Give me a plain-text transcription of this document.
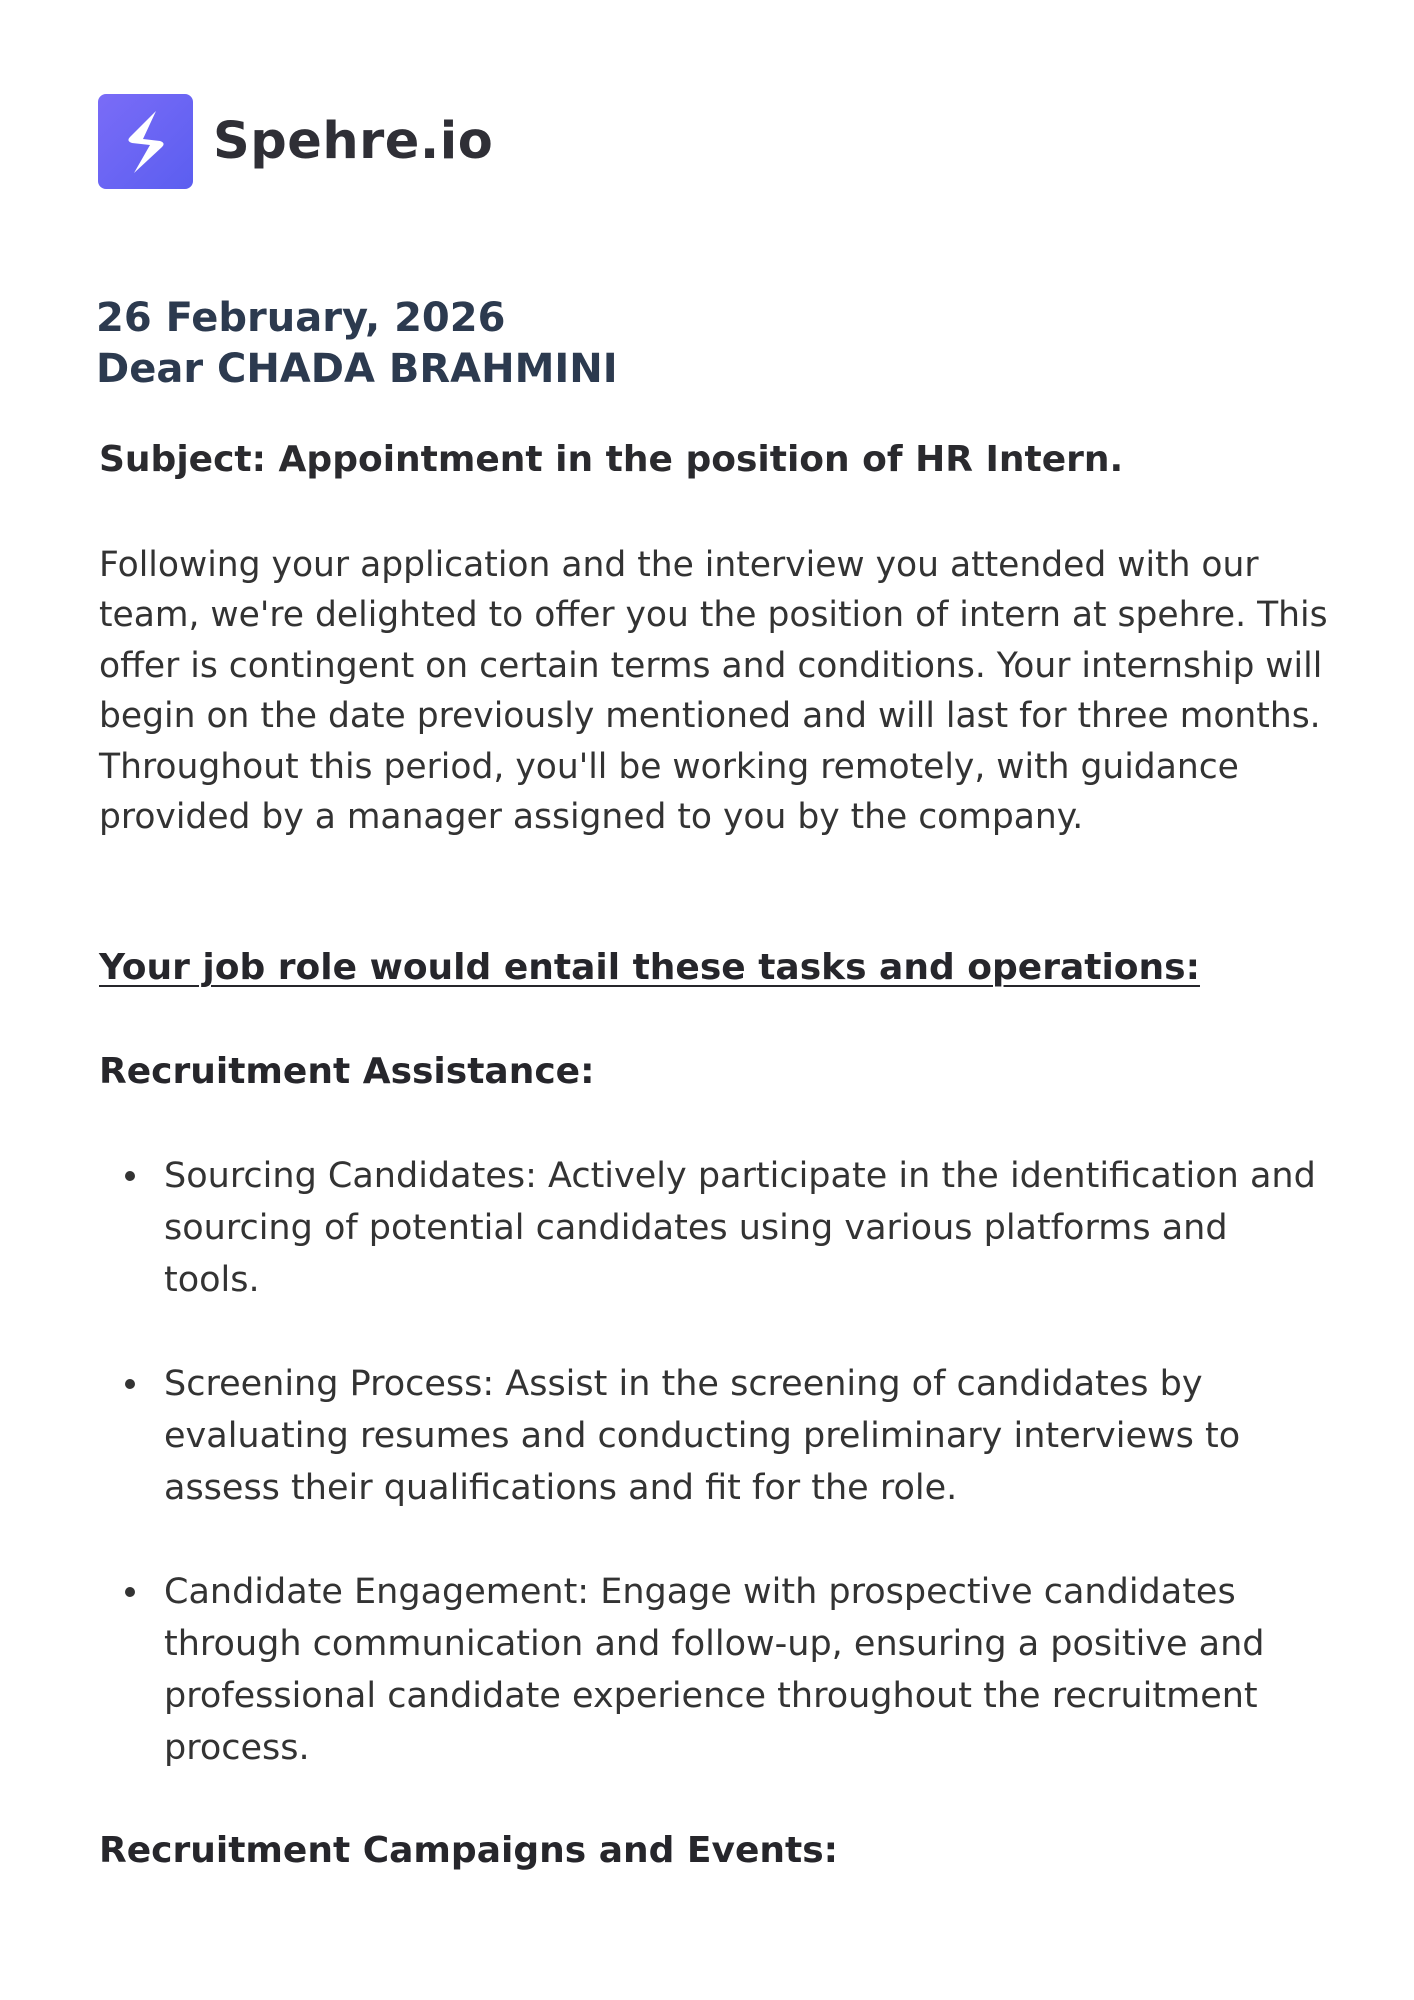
Spehre.io
26 February, 2026
Dear CHADA BRAHMINI
Subject: Appointment in the position of HR Intern.
Following your application and the interview you attended with our team, we're delighted to offer you the position of intern at spehre. This offer is contingent on certain terms and conditions. Your internship will begin on the date previously mentioned and will last for three months. Throughout this period, you'll be working remotely, with guidance provided by a manager assigned to you by the company.
Your job role would entail these tasks and operations:
Recruitment Assistance:
Sourcing Candidates: Actively participate in the identification and sourcing of potential candidates using various platforms and tools.
Screening Process: Assist in the screening of candidates by evaluating resumes and conducting preliminary interviews to assess their qualifications and fit for the role.
Candidate Engagement: Engage with prospective candidates through communication and follow-up, ensuring a positive and professional candidate experience throughout the recruitment process.
Recruitment Campaigns and Events:
